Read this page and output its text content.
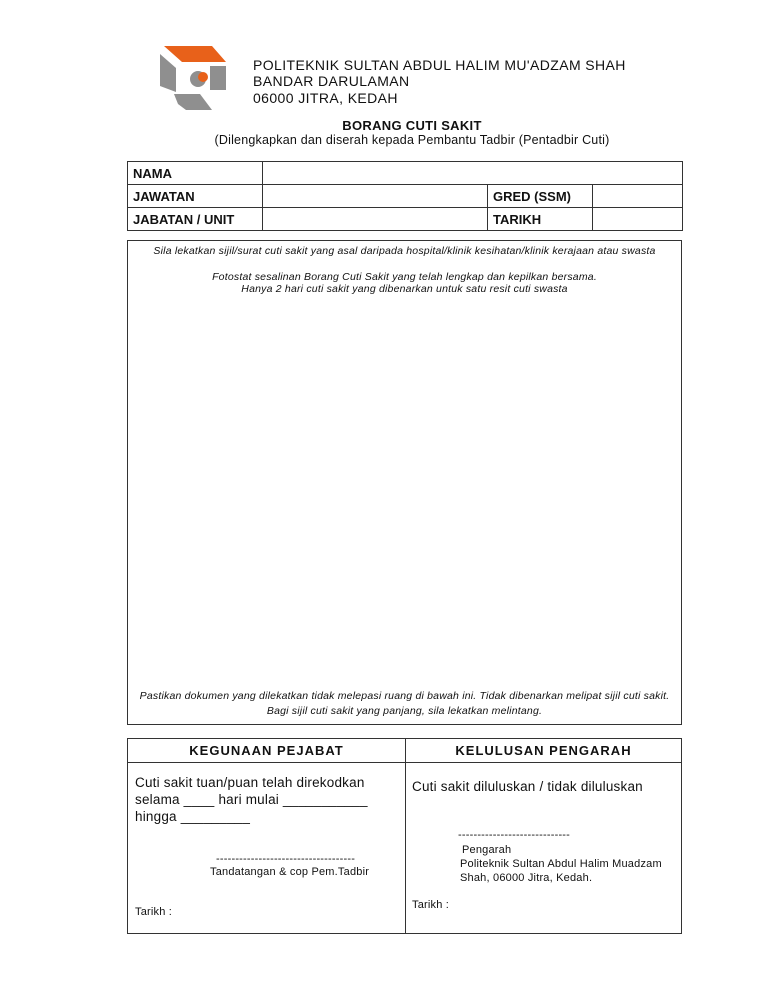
POLITEKNIK SULTAN ABDUL HALIM MU'ADZAM SHAH
BANDAR DARULAMAN
06000 JITRA, KEDAH
BORANG CUTI SAKIT
(Dilengkapkan dan diserah kepada Pembantu Tadbir (Pentadbir Cuti)
NAMA			
JAWATAN		GRED (SSM)	
JABATAN / UNIT		TARIKH	
Sila lekatkan sijil/surat cuti sakit yang asal daripada hospital/klinik kesihatan/klinik kerajaan atau swasta
Fotostat sesalinan Borang Cuti Sakit yang telah lengkap dan kepilkan bersama.
Hanya 2 hari cuti sakit yang dibenarkan untuk satu resit cuti swasta
Pastikan dokumen yang dilekatkan tidak melepasi ruang di bawah ini. Tidak dibenarkan melipat sijil cuti sakit.
Bagi sijil cuti sakit yang panjang, sila lekatkan melintang.
KEGUNAAN PEJABAT	KELULUSAN PENGARAH
Cuti sakit tuan/puan telah direkodkan
selama ____ hari mulai ___________
hingga _________
------------------------------------
Tandatangan & cop Pem.Tadbir
Tarikh :
Cuti sakit diluluskan / tidak diluluskan
-----------------------------
Pengarah
Politeknik Sultan Abdul Halim Muadzam
Shah, 06000 Jitra, Kedah.
Tarikh :
